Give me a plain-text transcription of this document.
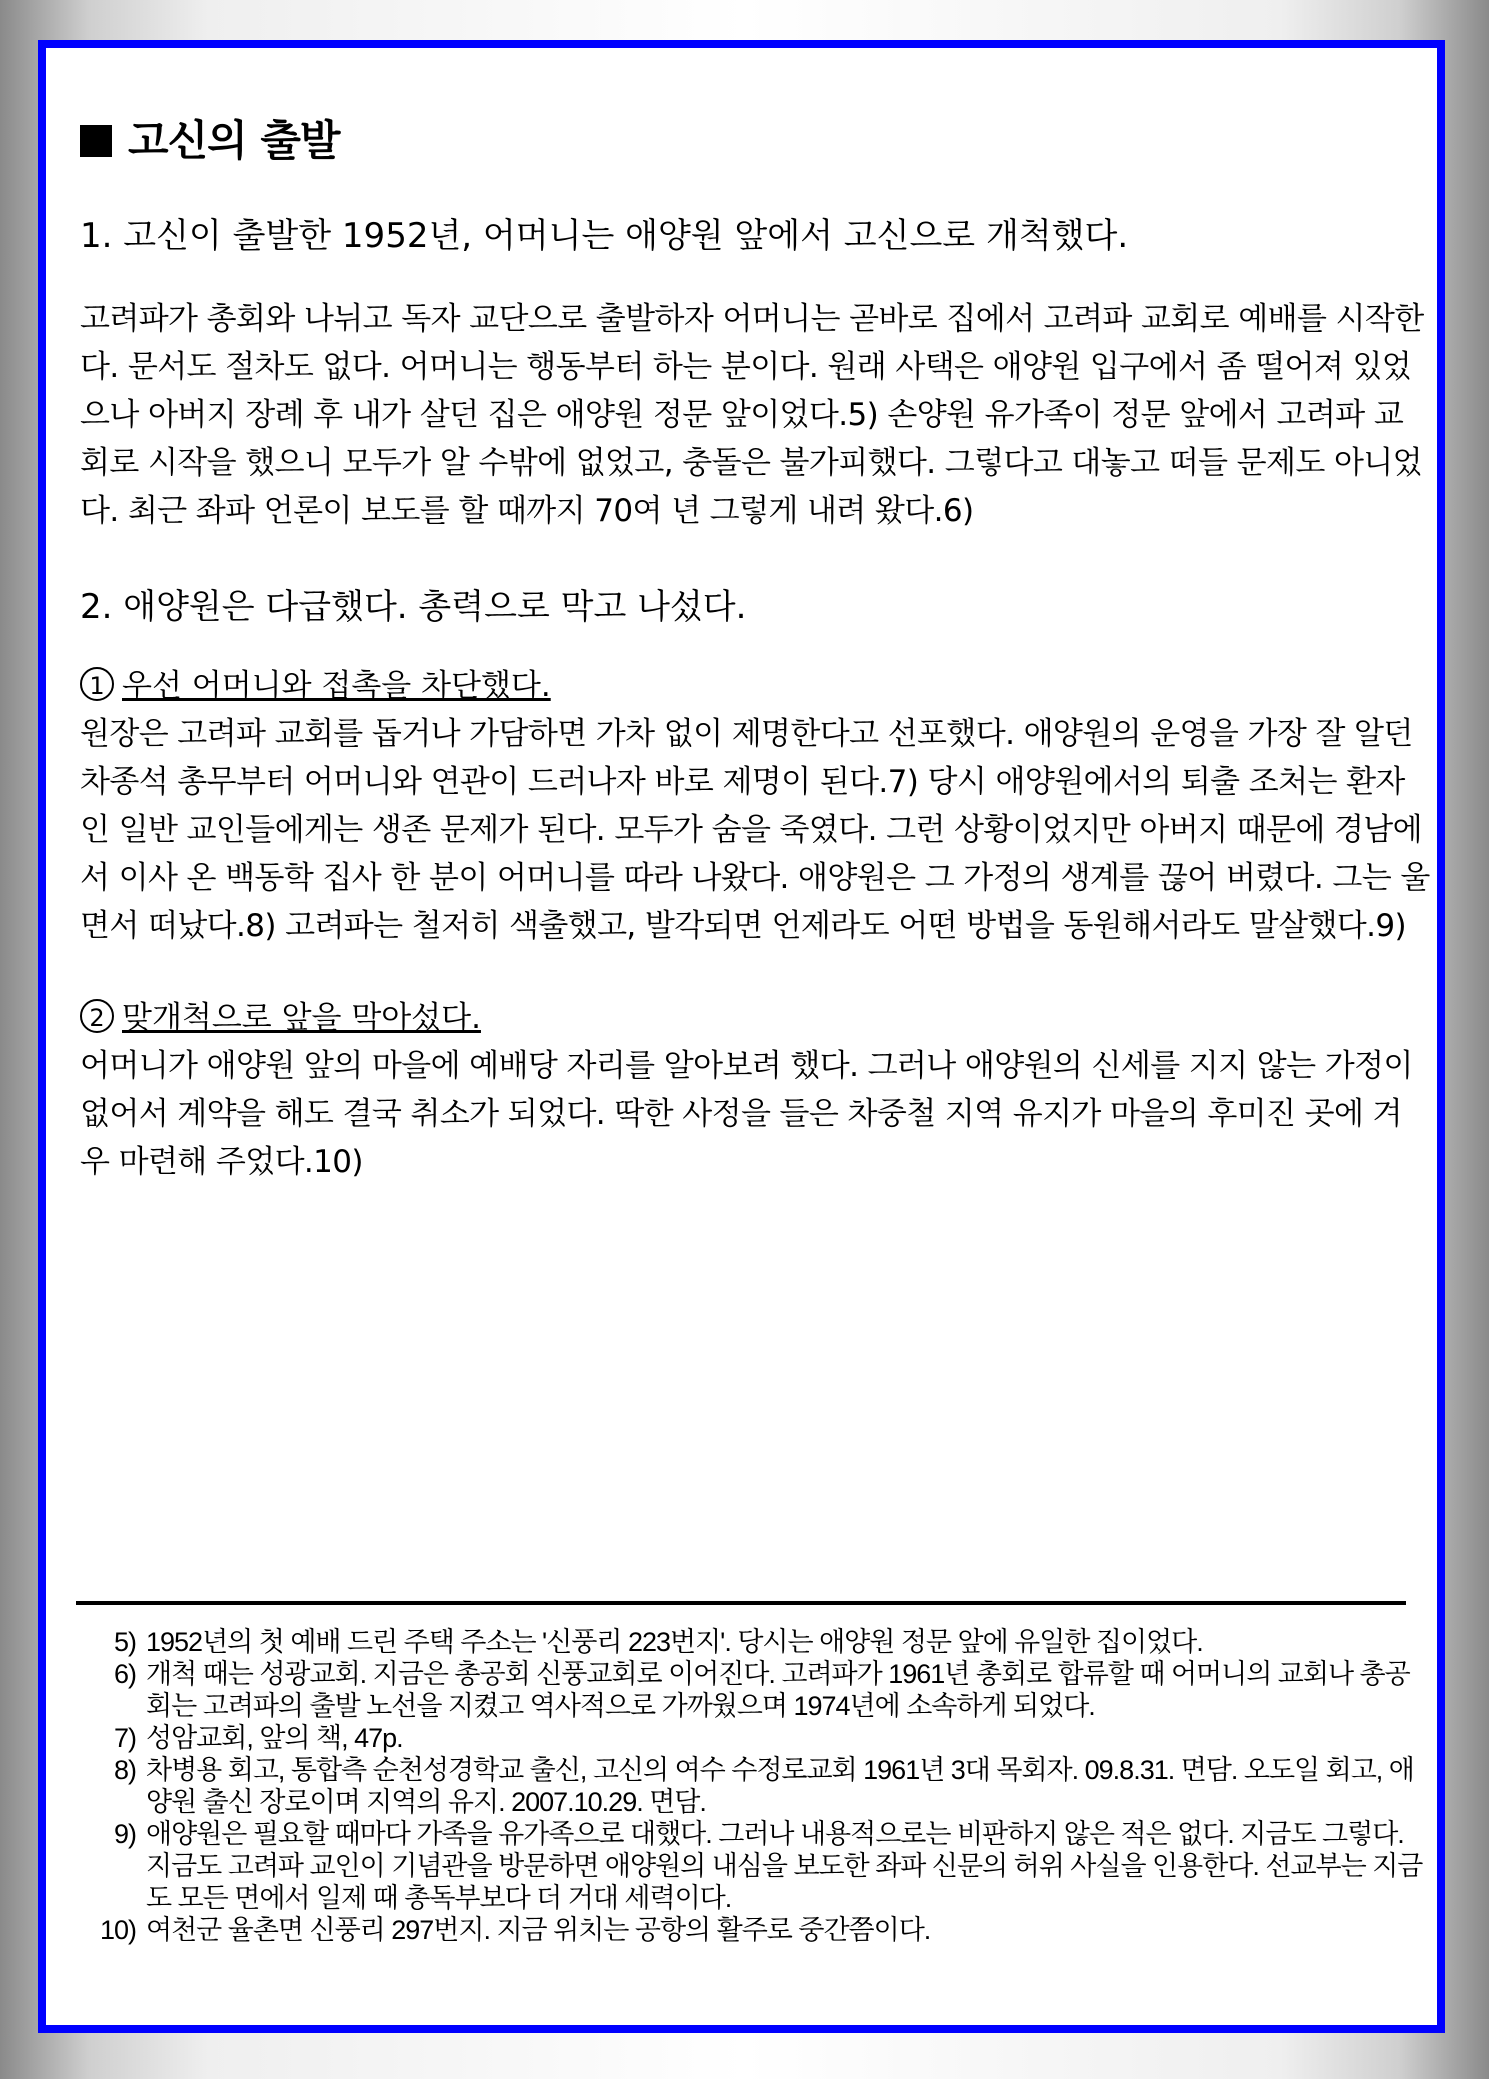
고신의 출발
1. 고신이 출발한 1952년, 어머니는 애양원 앞에서 고신으로 개척했다.
고려파가 총회와 나뉘고 독자 교단으로 출발하자 어머니는 곧바로 집에서 고려파 교회로 예배를 시작한다. 문서도 절차도 없다. 어머니는 행동부터 하는 분이다. 원래 사택은 애양원 입구에서 좀 떨어져 있었으나 아버지 장례 후 내가 살던 집은 애양원 정문 앞이었다.5) 손양원 유가족이 정문 앞에서 고려파 교회로 시작을 했으니 모두가 알 수밖에 없었고, 충돌은 불가피했다. 그렇다고 대놓고 떠들 문제도 아니었다. 최근 좌파 언론이 보도를 할 때까지 70여 년 그렇게 내려 왔다.6)
2. 애양원은 다급했다. 총력으로 막고 나섰다.
1 우선 어머니와 접촉을 차단했다.
원장은 고려파 교회를 돕거나 가담하면 가차 없이 제명한다고 선포했다. 애양원의 운영을 가장 잘 알던 차종석 총무부터 어머니와 연관이 드러나자 바로 제명이 된다.7) 당시 애양원에서의 퇴출 조처는 환자인 일반 교인들에게는 생존 문제가 된다. 모두가 숨을 죽였다. 그런 상황이었지만 아버지 때문에 경남에서 이사 온 백동학 집사 한 분이 어머니를 따라 나왔다. 애양원은 그 가정의 생계를 끊어 버렸다. 그는 울면서 떠났다.8) 고려파는 철저히 색출했고, 발각되면 언제라도 어떤 방법을 동원해서라도 말살했다.9)
2 맞개척으로 앞을 막아섰다.
어머니가 애양원 앞의 마을에 예배당 자리를 알아보려 했다. 그러나 애양원의 신세를 지지 않는 가정이 없어서 계약을 해도 결국 취소가 되었다. 딱한 사정을 들은 차중철 지역 유지가 마을의 후미진 곳에 겨우 마련해 주었다.10)
5) 1952년의 첫 예배 드린 주택 주소는 '신풍리 223번지'. 당시는 애양원 정문 앞에 유일한 집이었다.
6) 개척 때는 성광교회. 지금은 총공회 신풍교회로 이어진다. 고려파가 1961년 총회로 합류할 때 어머니의 교회나 총공회는 고려파의 출발 노선을 지켰고 역사적으로 가까웠으며 1974년에 소속하게 되었다.
7) 성암교회, 앞의 책, 47p.
8) 차병용 회고, 통합측 순천성경학교 출신, 고신의 여수 수정로교회 1961년 3대 목회자. 09.8.31. 면담. 오도일 회고, 애양원 출신 장로이며 지역의 유지. 2007.10.29. 면담.
9) 애양원은 필요할 때마다 가족을 유가족으로 대했다. 그러나 내용적으로는 비판하지 않은 적은 없다. 지금도 그렇다. 지금도 고려파 교인이 기념관을 방문하면 애양원의 내심을 보도한 좌파 신문의 허위 사실을 인용한다. 선교부는 지금도 모든 면에서 일제 때 총독부보다 더 거대 세력이다.
10) 여천군 율촌면 신풍리 297번지. 지금 위치는 공항의 활주로 중간쯤이다.
